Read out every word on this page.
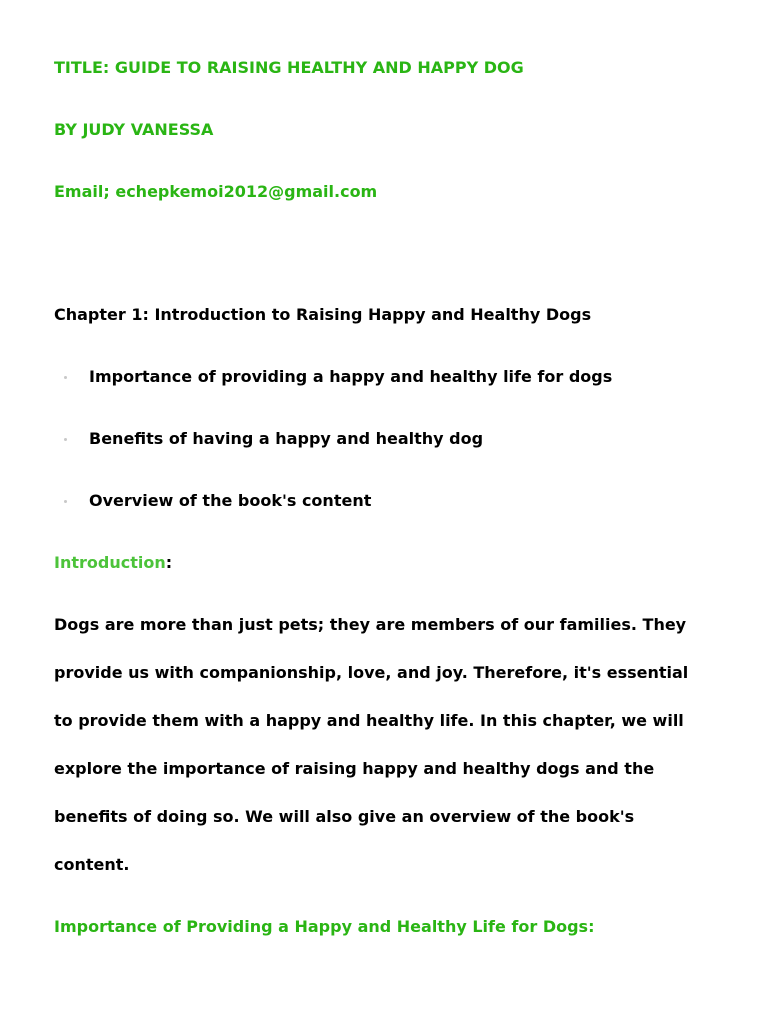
TITLE: GUIDE TO RAISING HEALTHY AND HAPPY DOG
BY JUDY VANESSA
Email; echepkemoi2012@gmail.com
Chapter 1: Introduction to Raising Happy and Healthy Dogs
Importance of providing a happy and healthy life for dogs
Benefits of having a happy and healthy dog
Overview of the book's content
Introduction:
Dogs are more than just pets; they are members of our families. They
provide us with companionship, love, and joy. Therefore, it's essential
to provide them with a happy and healthy life. In this chapter, we will
explore the importance of raising happy and healthy dogs and the
benefits of doing so. We will also give an overview of the book's
content.
Importance of Providing a Happy and Healthy Life for Dogs:
